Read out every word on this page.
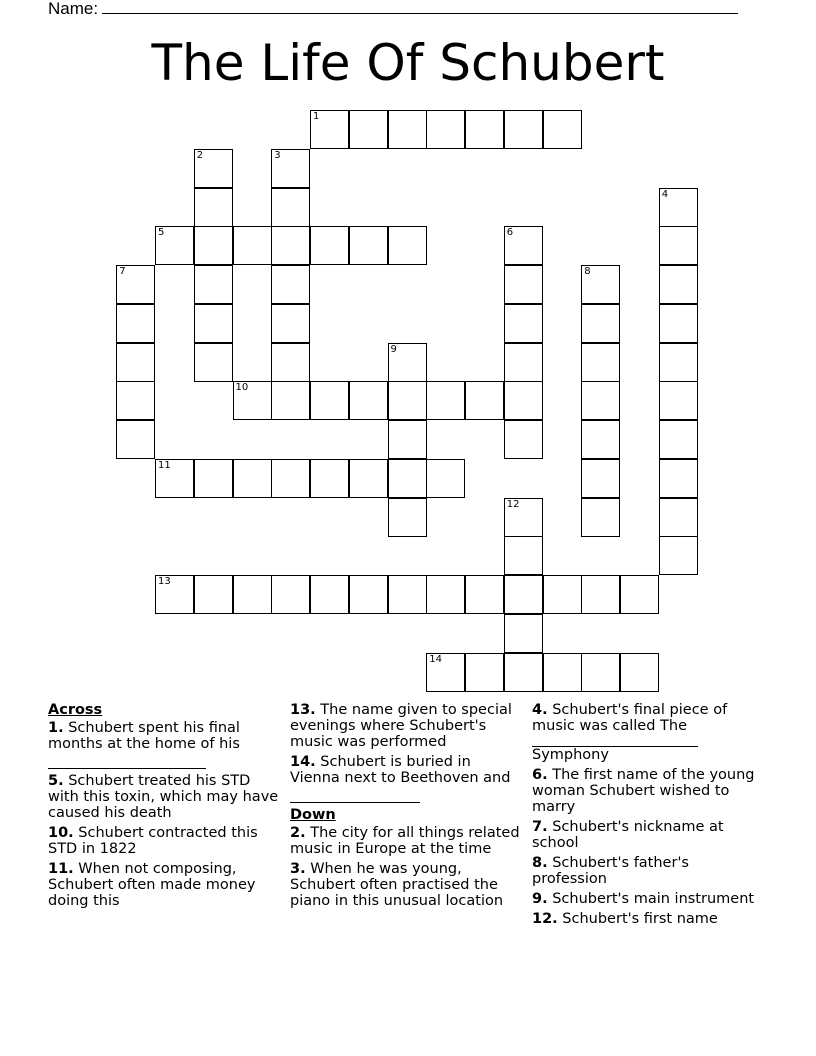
Name:
The Life Of Schubert
1
2	3
4
5	6
7	8
9
10
11
12
13
14
Across
1. Schubert spent his final months at the home of his
5. Schubert treated his STD with this toxin, which may have caused his death
10. Schubert contracted this STD in 1822
11. When not composing, Schubert often made money doing this
13. The name given to special evenings where Schubert's music was performed
14. Schubert is buried in Vienna next to Beethoven and
Down
2. The city for all things related music in Europe at the time
3. When he was young, Schubert often practised the piano in this unusual location
4. Schubert's final piece of music was called The
Symphony
6. The first name of the young woman Schubert wished to marry
7. Schubert's nickname at school
8. Schubert's father's profession
9. Schubert's main instrument
12. Schubert's first name
